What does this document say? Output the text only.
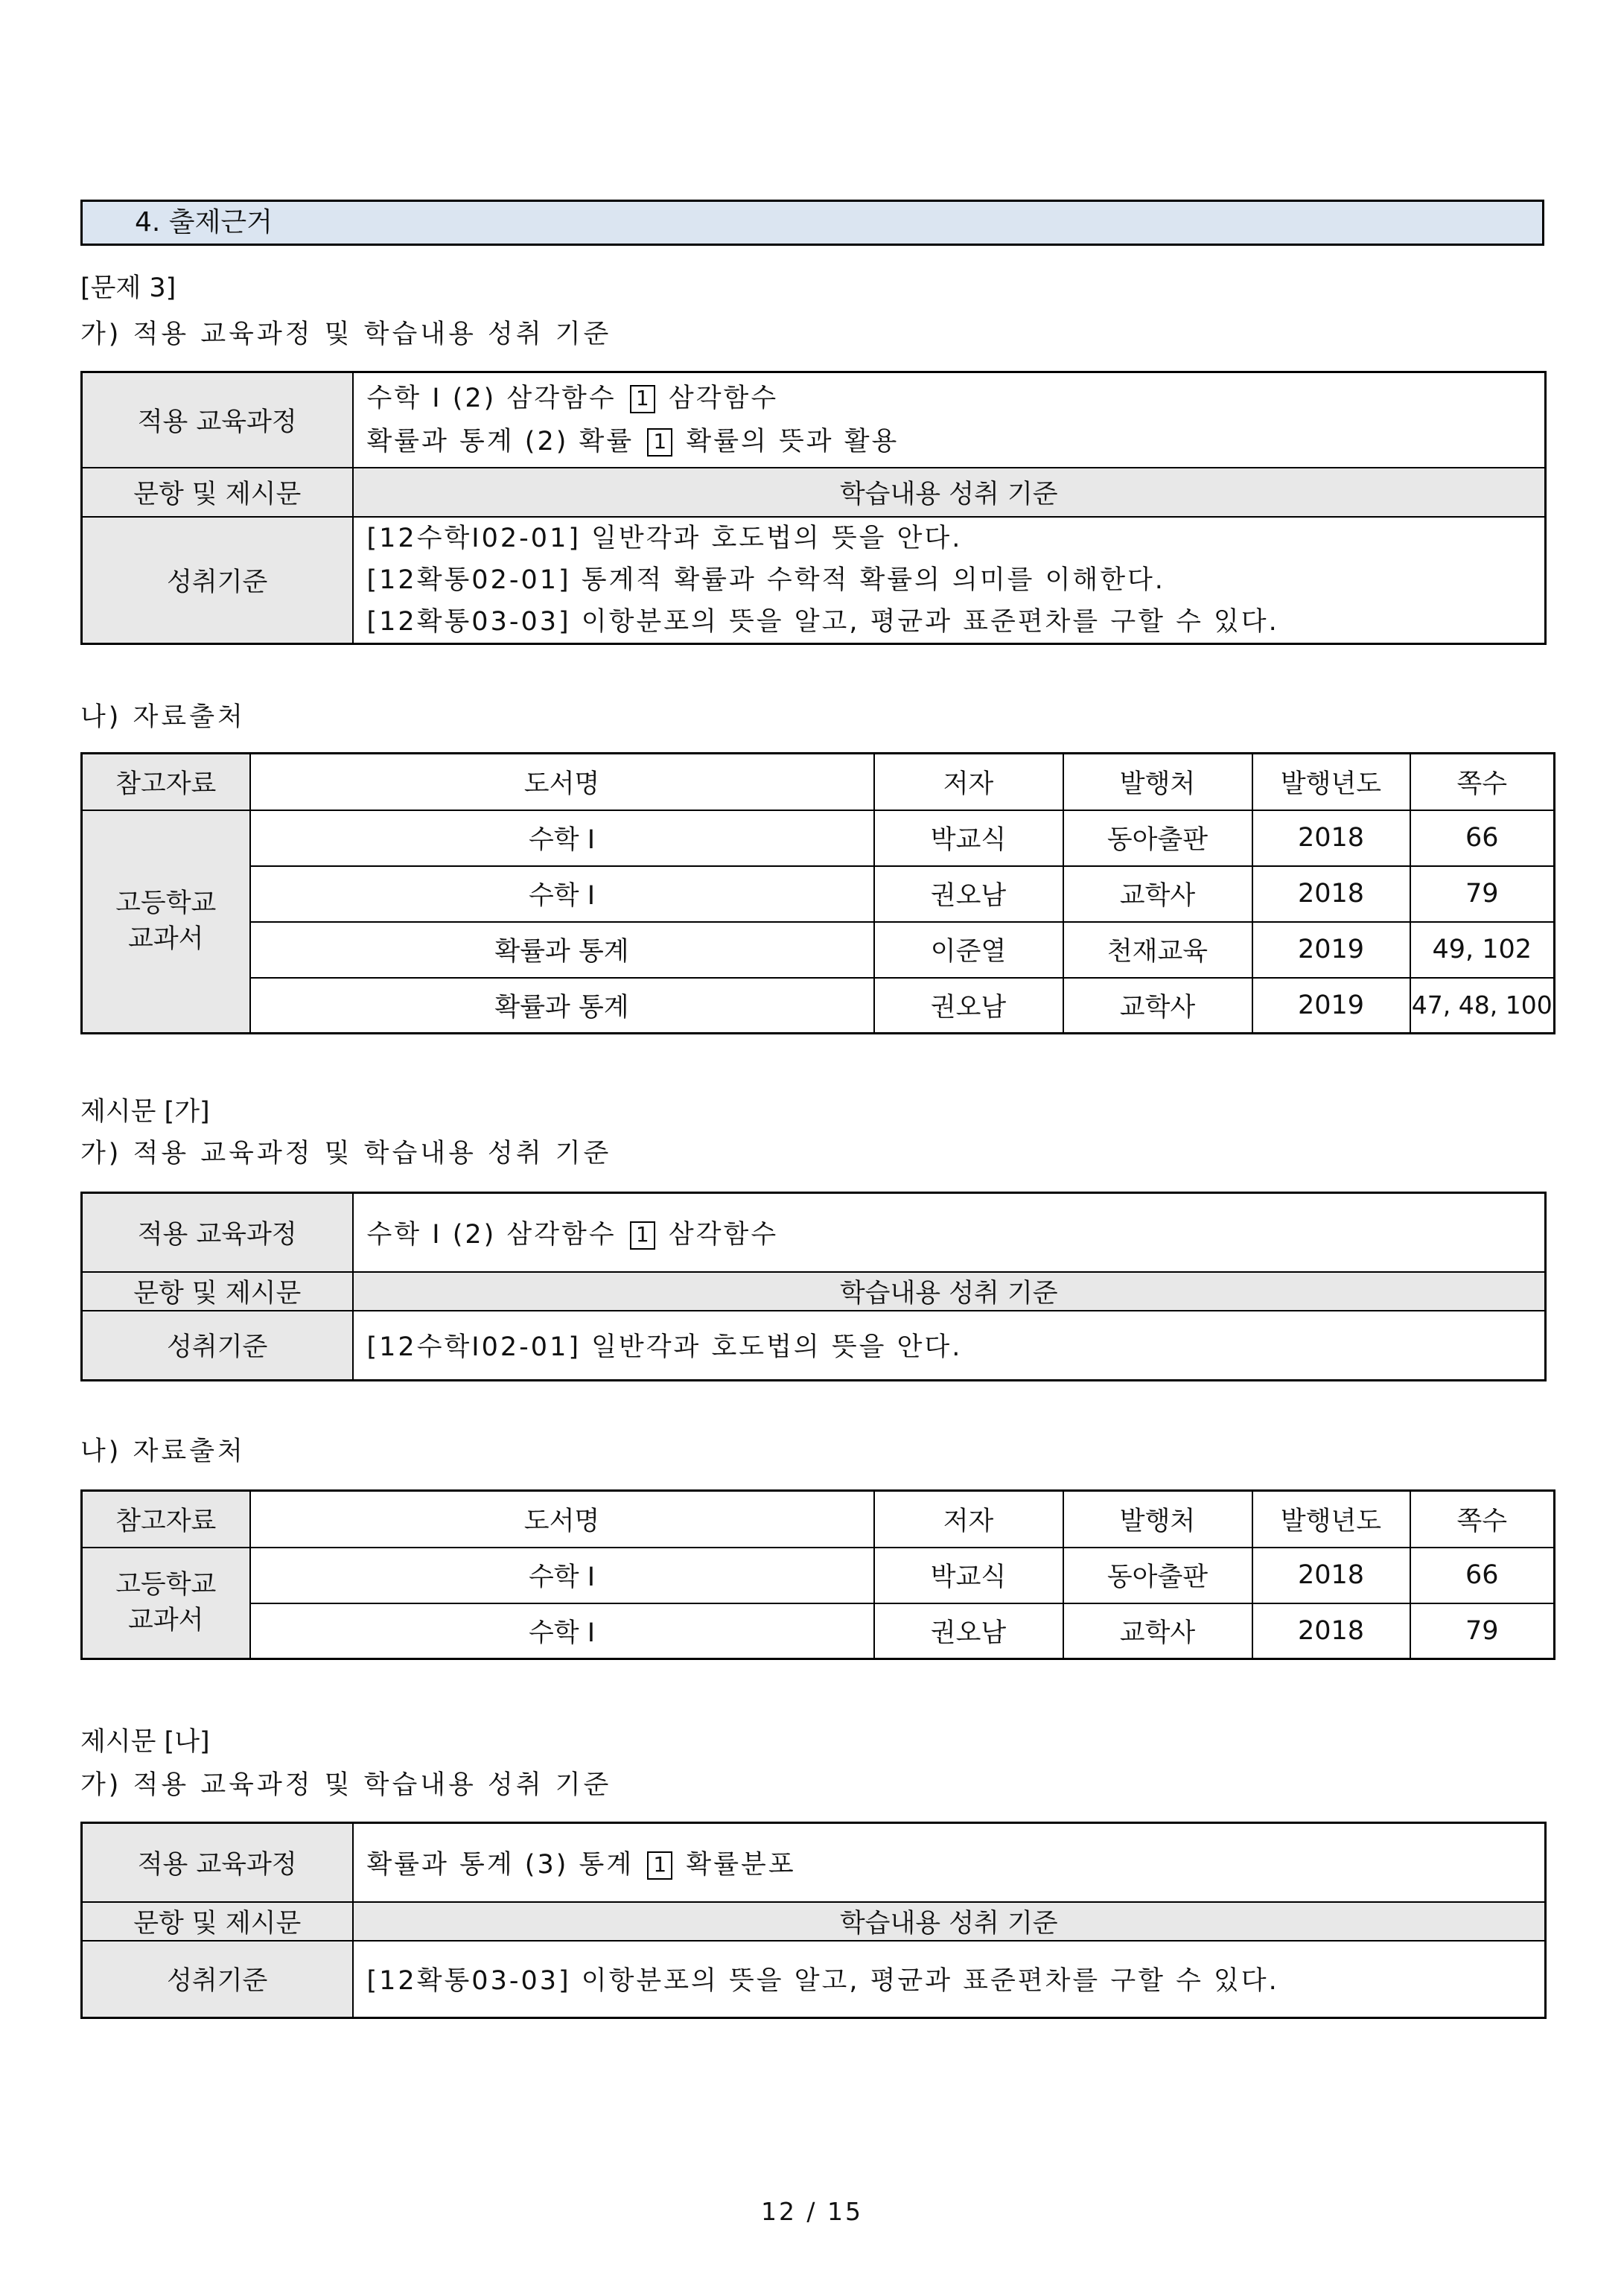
4. 출제근거
[문제 3]
가) 적용 교육과정 및 학습내용 성취 기준
적용 교육과정	수학 Ⅰ (2) 삼각함수 1 삼각함수
확률과 통계 (2) 확률 1 확률의 뜻과 활용

문항 및 제시문	학습내용 성취 기준
성취기준	[12수학Ⅰ02-01] 일반각과 호도법의 뜻을 안다.
[12확통02-01] 통계적 확률과 수학적 확률의 의미를 이해한다.
[12확통03-03] 이항분포의 뜻을 알고, 평균과 표준편차를 구할 수 있다.
나) 자료출처
참고자료	도서명	저자	발행처	발행년도	쪽수

고등학교
교과서	수학 Ⅰ	박교식	동아출판	2018	66
	수학 Ⅰ	권오남	교학사	2018	79
	확률과 통계	이준열	천재교육	2019	49, 102
	확률과 통계	권오남	교학사	2019	47, 48, 100
제시문 [가]
가) 적용 교육과정 및 학습내용 성취 기준
적용 교육과정	수학 Ⅰ (2) 삼각함수 1 삼각함수
문항 및 제시문	학습내용 성취 기준
성취기준	[12수학Ⅰ02-01] 일반각과 호도법의 뜻을 안다.
나) 자료출처
참고자료	도서명	저자	발행처	발행년도	쪽수

고등학교
교과서	수학 Ⅰ	박교식	동아출판	2018	66
	수학 Ⅰ	권오남	교학사	2018	79
제시문 [나]
가) 적용 교육과정 및 학습내용 성취 기준
적용 교육과정	확률과 통계 (3) 통계 1 확률분포
문항 및 제시문	학습내용 성취 기준
성취기준	[12확통03-03] 이항분포의 뜻을 알고, 평균과 표준편차를 구할 수 있다.
12 / 15
